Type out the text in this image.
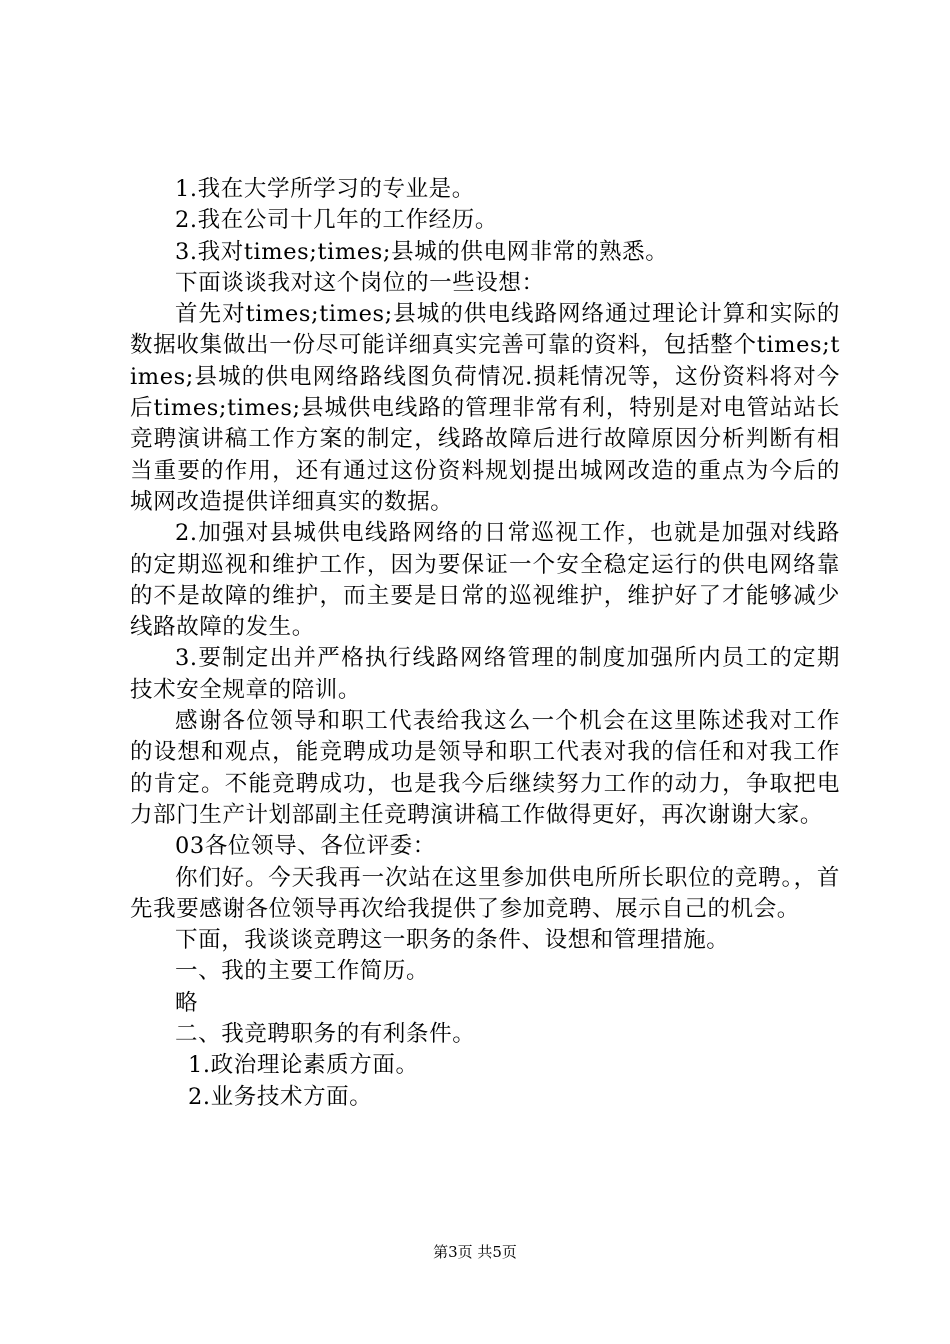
1.我在大学所学习的专业是。

2.我在公司十几年的工作经历。

3.我对times;times;县城的供电网非常的熟悉。

下面谈谈我对这个岗位的一些设想：

首先对times;times;县城的供电线路网络通过理论计算和实际的数据收集做出一份尽可能详细真实完善可靠的资料，包括整个times;times;县城的供电网络路线图负荷情况.损耗情况等，这份资料将对今后times;times;县城供电线路的管理非常有利，特别是对电管站站长竞聘演讲稿工作方案的制定，线路故障后进行故障原因分析判断有相当重要的作用，还有通过这份资料规划提出城网改造的重点为今后的城网改造提供详细真实的数据。

2.加强对县城供电线路网络的日常巡视工作，也就是加强对线路的定期巡视和维护工作，因为要保证一个安全稳定运行的供电网络靠的不是故障的维护，而主要是日常的巡视维护，维护好了才能够减少线路故障的发生。

3.要制定出并严格执行线路网络管理的制度加强所内员工的定期技术安全规章的陪训。

感谢各位领导和职工代表给我这么一个机会在这里陈述我对工作的设想和观点，能竞聘成功是领导和职工代表对我的信任和对我工作的肯定。不能竞聘成功，也是我今后继续努力工作的动力，争取把电力部门生产计划部副主任竞聘演讲稿工作做得更好，再次谢谢大家。

03各位领导、各位评委：

你们好。今天我再一次站在这里参加供电所所长职位的竞聘。，首先我要感谢各位领导再次给我提供了参加竞聘、展示自己的机会。

下面，我谈谈竞聘这一职务的条件、设想和管理措施。

一、我的主要工作简历。

略

二、我竞聘职务的有利条件。

1.政治理论素质方面。

2.业务技术方面。

第3页 共5页
